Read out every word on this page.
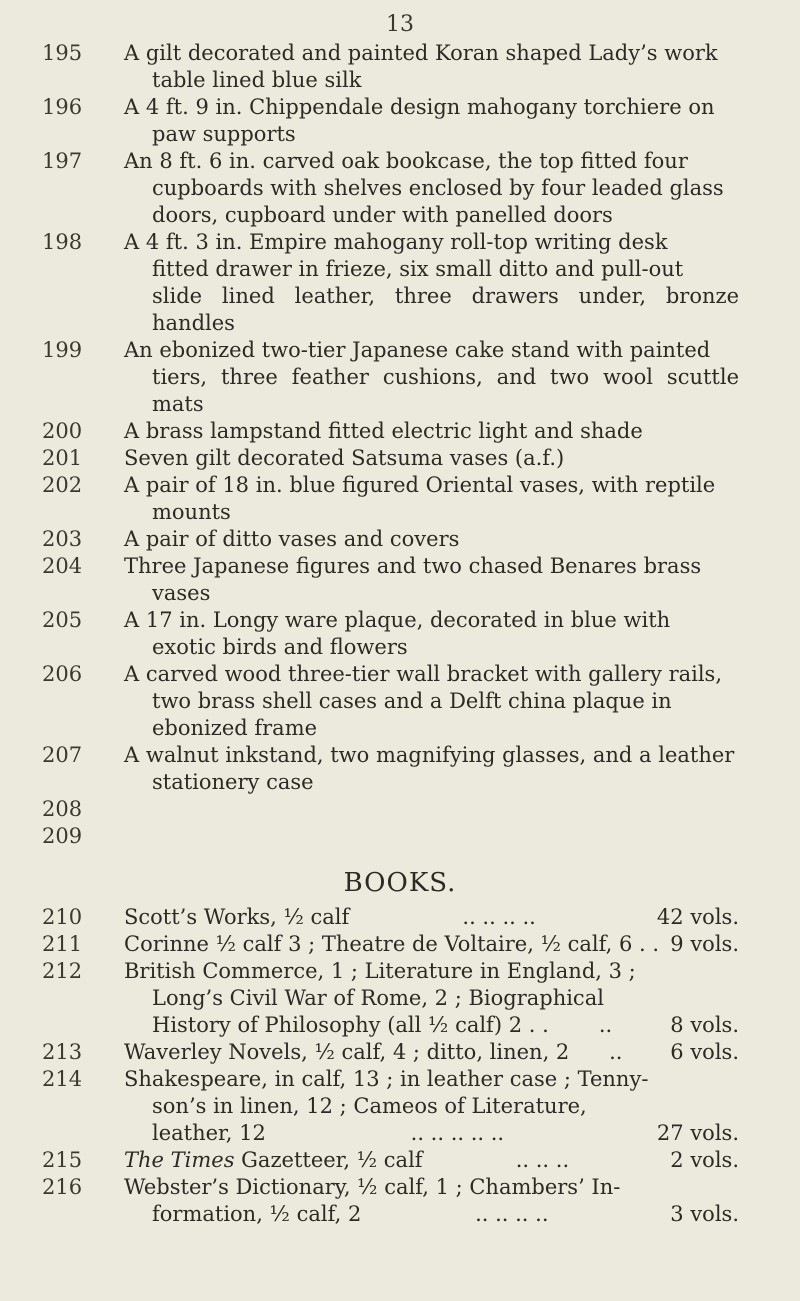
13
195	A gilt decorated and painted Koran shaped Lady’s work
table lined blue silk
196	A 4 ft. 9 in. Chippendale design mahogany torchiere on
paw supports
197	An 8 ft. 6 in. carved oak bookcase, the top fitted four
cupboards with shelves enclosed by four leaded glass
doors, cupboard under with panelled doors
198	A 4 ft. 3 in. Empire mahogany roll-top writing desk
fitted drawer in frieze, six small ditto and pull-out
slide lined leather, three drawers under, bronze handles
199	An ebonized two-tier Japanese cake stand with painted
tiers, three feather cushions, and two wool scuttle mats
200	A brass lampstand fitted electric light and shade
201	Seven gilt decorated Satsuma vases (a.f.)
202	A pair of 18 in. blue figured Oriental vases, with reptile
mounts
203	A pair of ditto vases and covers
204	Three Japanese figures and two chased Benares brass
vases
205	A 17 in. Longy ware plaque, decorated in blue with
exotic birds and flowers
206	A carved wood three-tier wall bracket with gallery rails,
two brass shell cases and a Delft china plaque in
ebonized frame
207	A walnut inkstand, two magnifying glasses, and a leather
stationery case
208

209

BOOKS.
210	Scott’s Works, ½ calf	.. .. .. ..	42 vols.
211	Corinne ½ calf 3 ; Theatre de Voltaire, ½ calf, 6 . . 9 vols.
212	British Commerce, 1 ; Literature in England, 3 ;
Long’s Civil War of Rome, 2 ; Biographical
History of Philosophy (all ½ calf) 2 . .	..	8 vols.
213	Waverley Novels, ½ calf, 4 ; ditto, linen, 2	..	6 vols.
214	Shakespeare, in calf, 13 ; in leather case ; Tenny-
son’s in linen, 12 ; Cameos of Literature,
leather, 12	.. .. .. .. ..	27 vols.
215	The Times Gazetteer, ½ calf	.. .. ..	2 vols.
216	Webster’s Dictionary, ½ calf, 1 ; Chambers’ In-
formation, ½ calf, 2	.. .. .. ..	3 vols.
